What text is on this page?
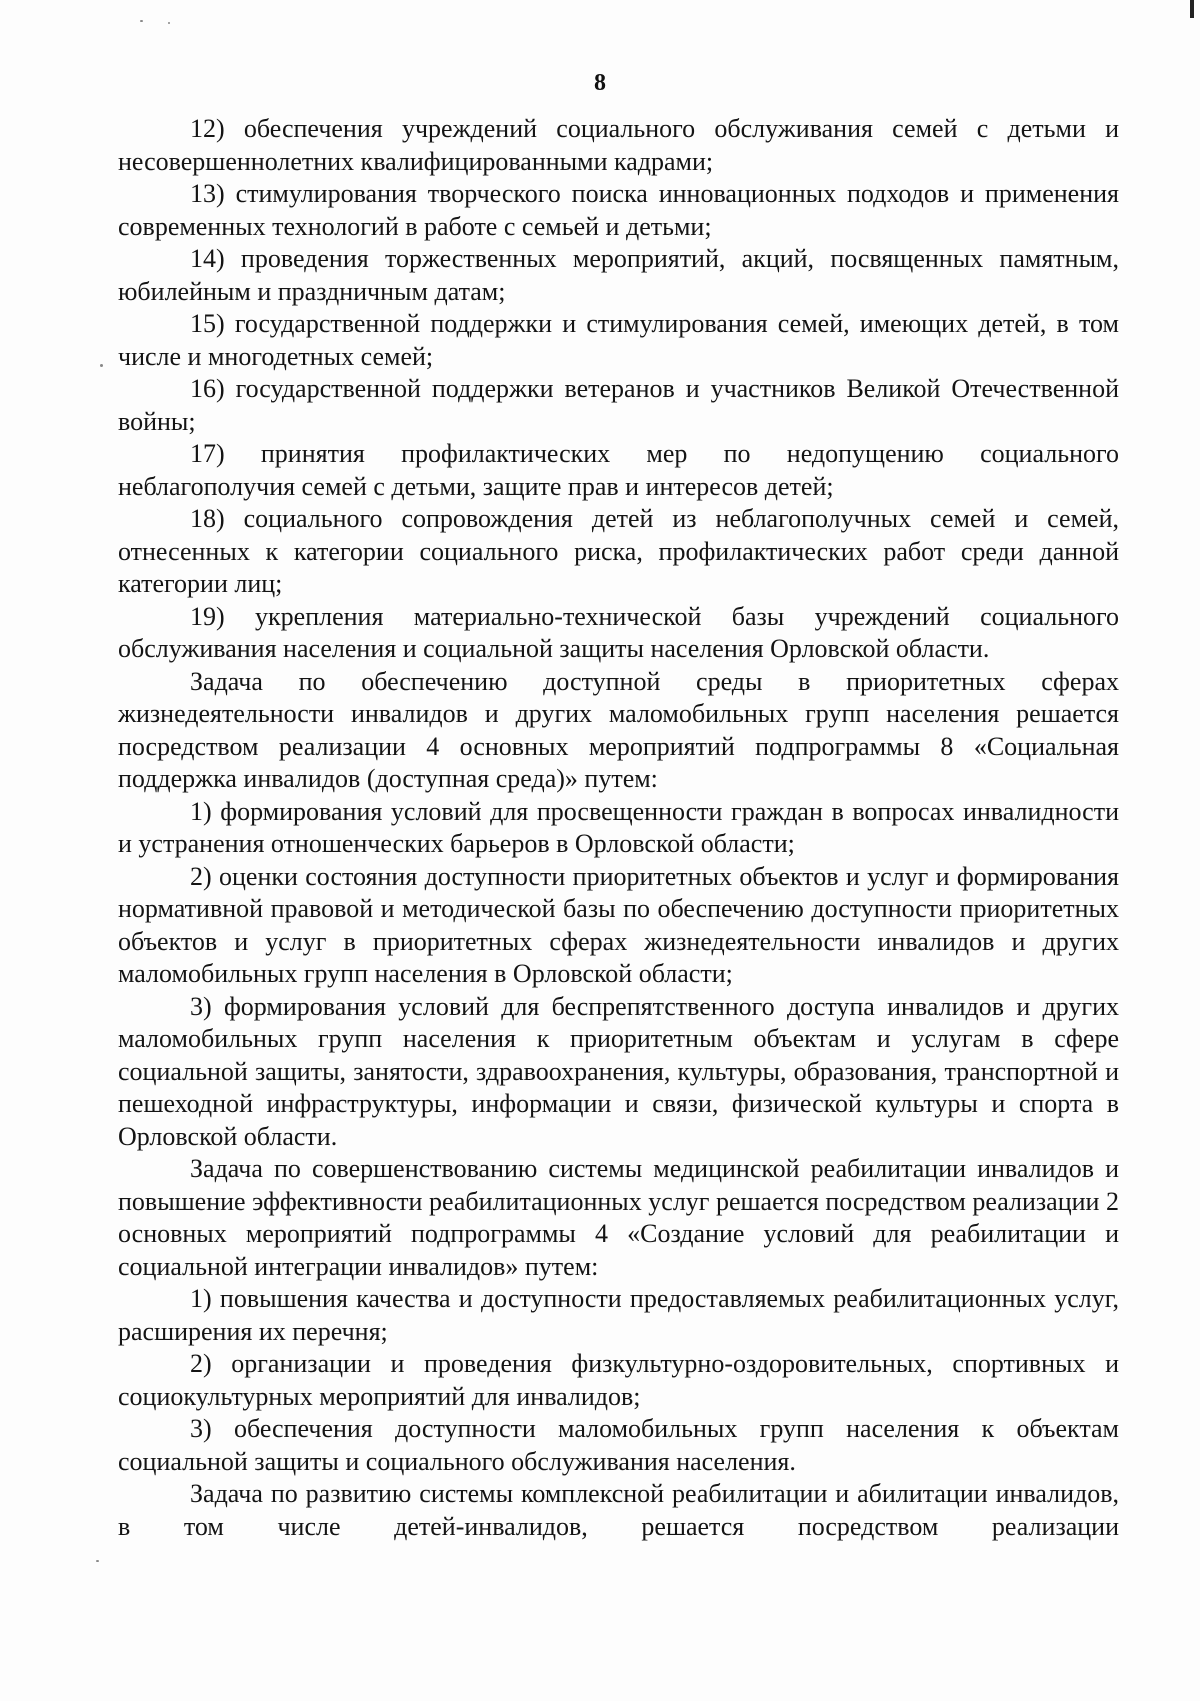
8

12) обеспечения учреждений социального обслуживания семей с детьми и несовершеннолетних квалифицированными кадрами;

13) стимулирования творческого поиска инновационных подходов и применения современных технологий в работе с семьей и детьми;

14) проведения торжественных мероприятий, акций, посвященных памятным, юбилейным и праздничным датам;

15) государственной поддержки и стимулирования семей, имеющих детей, в том числе и многодетных семей;

16) государственной поддержки ветеранов и участников Великой Отечественной войны;

17) принятия профилактических мер по недопущению социального неблагополучия семей с детьми, защите прав и интересов детей;

18) социального сопровождения детей из неблагополучных семей и семей, отнесенных к категории социального риска, профилактических работ среди данной категории лиц;

19) укрепления материально-технической базы учреждений социального обслуживания населения и социальной защиты населения Орловской области.

Задача по обеспечению доступной среды в приоритетных сферах жизнедеятельности инвалидов и других маломобильных групп населения решается посредством реализации 4 основных мероприятий подпрограммы 8 «Социальная поддержка инвалидов (доступная среда)» путем:

1) формирования условий для просвещенности граждан в вопросах инвалидности и устранения отношенческих барьеров в Орловской области;

2) оценки состояния доступности приоритетных объектов и услуг и формирования нормативной правовой и методической базы по обеспечению доступности приоритетных объектов и услуг в приоритетных сферах жизнедеятельности инвалидов и других маломобильных групп населения в Орловской области;

3) формирования условий для беспрепятственного доступа инвалидов и других маломобильных групп населения к приоритетным объектам и услугам в сфере социальной защиты, занятости, здравоохранения, культуры, образования, транспортной и пешеходной инфраструктуры, информации и связи, физической культуры и спорта в Орловской области.

Задача по совершенствованию системы медицинской реабилитации инвалидов и повышение эффективности реабилитационных услуг решается посредством реализации 2 основных мероприятий подпрограммы 4 «Создание условий для реабилитации и социальной интеграции инвалидов» путем:

1) повышения качества и доступности предоставляемых реабилитационных услуг, расширения их перечня;

2) организации и проведения физкультурно-оздоровительных, спортивных и социокультурных мероприятий для инвалидов;

3) обеспечения доступности маломобильных групп населения к объектам социальной защиты и социального обслуживания населения.

Задача по развитию системы комплексной реабилитации и абилитации инвалидов, в том числе детей-инвалидов, решается посредством реализации
